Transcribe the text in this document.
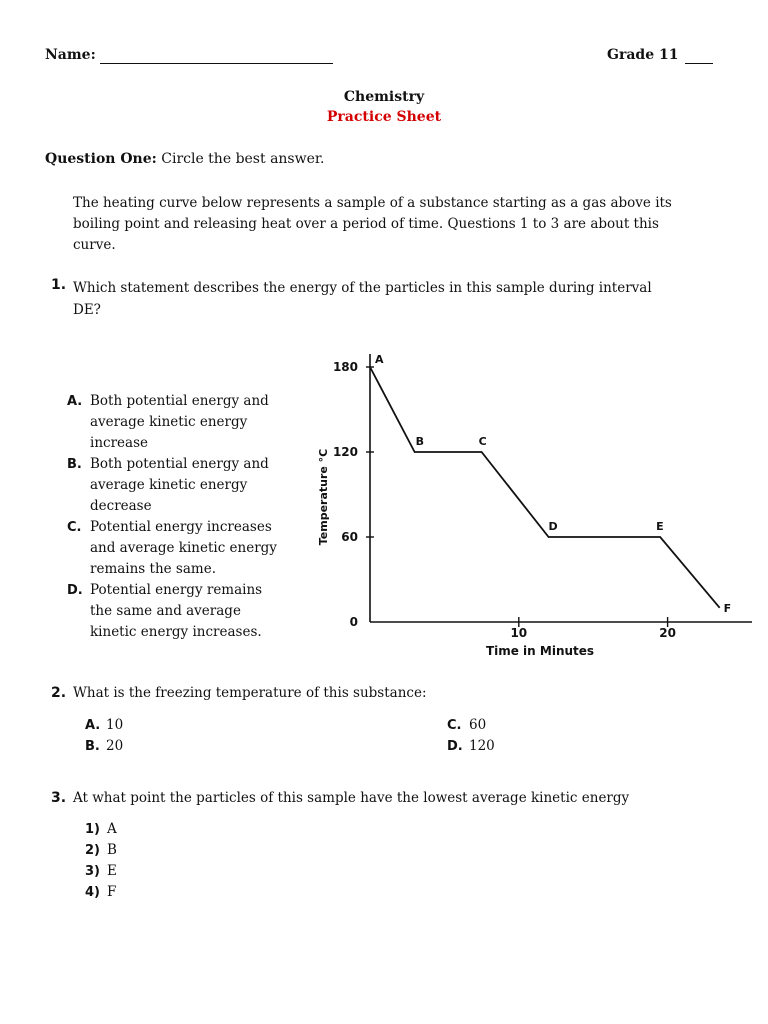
Name:	Grade 11
Chemistry
Practice Sheet
Question One: Circle the best answer.
The heating curve below represents a sample of a substance starting as a gas above its
boiling point and releasing heat over a period of time. Questions 1 to 3 are about this
curve.
1. Which statement describes the energy of the particles in this sample during interval
DE?
A. Both potential energy and
average kinetic energy
increase
B. Both potential energy and
average kinetic energy
decrease
C. Potential energy increases
and average kinetic energy
remains the same.
D. Potential energy remains
the same and average
kinetic energy increases.
0
60
120
180
10	20
A
B	C
D	E
F
Time in Minutes
Temperature °C
2. What is the freezing temperature of this substance:
A. 10
B. 20
C. 60
D. 120
3. At what point the particles of this sample have the lowest average kinetic energy
1) A
2) B
3) E
4) F
